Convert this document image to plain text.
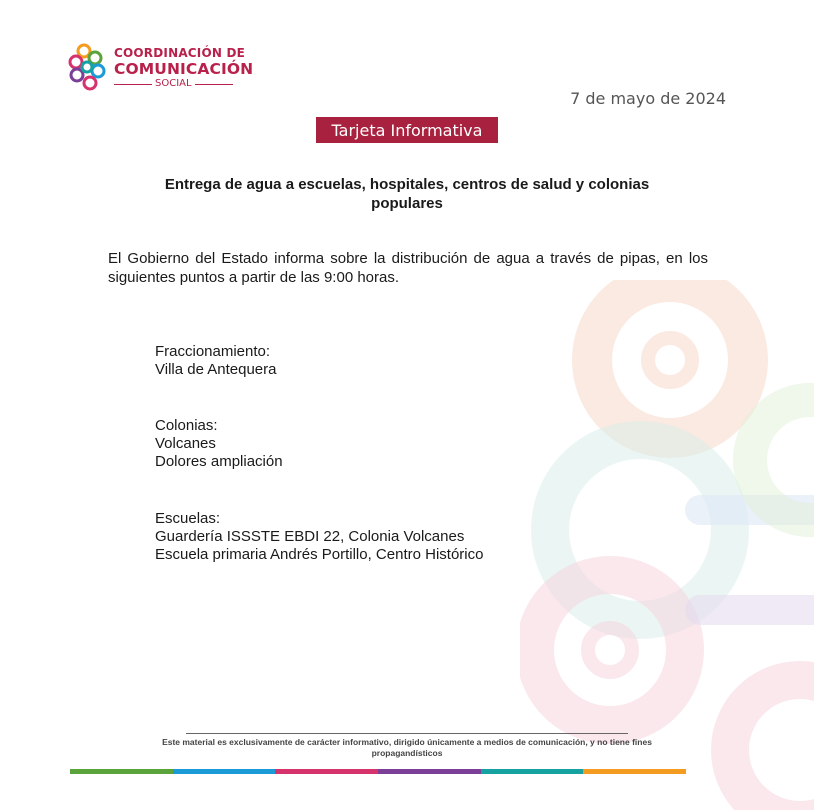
COORDINACIÓN DE
COMUNICACIÓN
SOCIAL
7 de mayo de 2024
Tarjeta Informativa
Entrega de agua a escuelas, hospitales, centros de salud y colonias
populares
El Gobierno del Estado informa sobre la distribución de agua a través de pipas, en los siguientes puntos a partir de las 9:00 horas.
Fraccionamiento:
Villa de Antequera
Colonias:
Volcanes
Dolores ampliación
Escuelas:
Guardería ISSSTE EBDI 22, Colonia Volcanes
Escuela primaria Andrés Portillo, Centro Histórico
Este material es exclusivamente de carácter informativo, dirigido únicamente a medios de comunicación, y no tiene fines
propagandísticos
